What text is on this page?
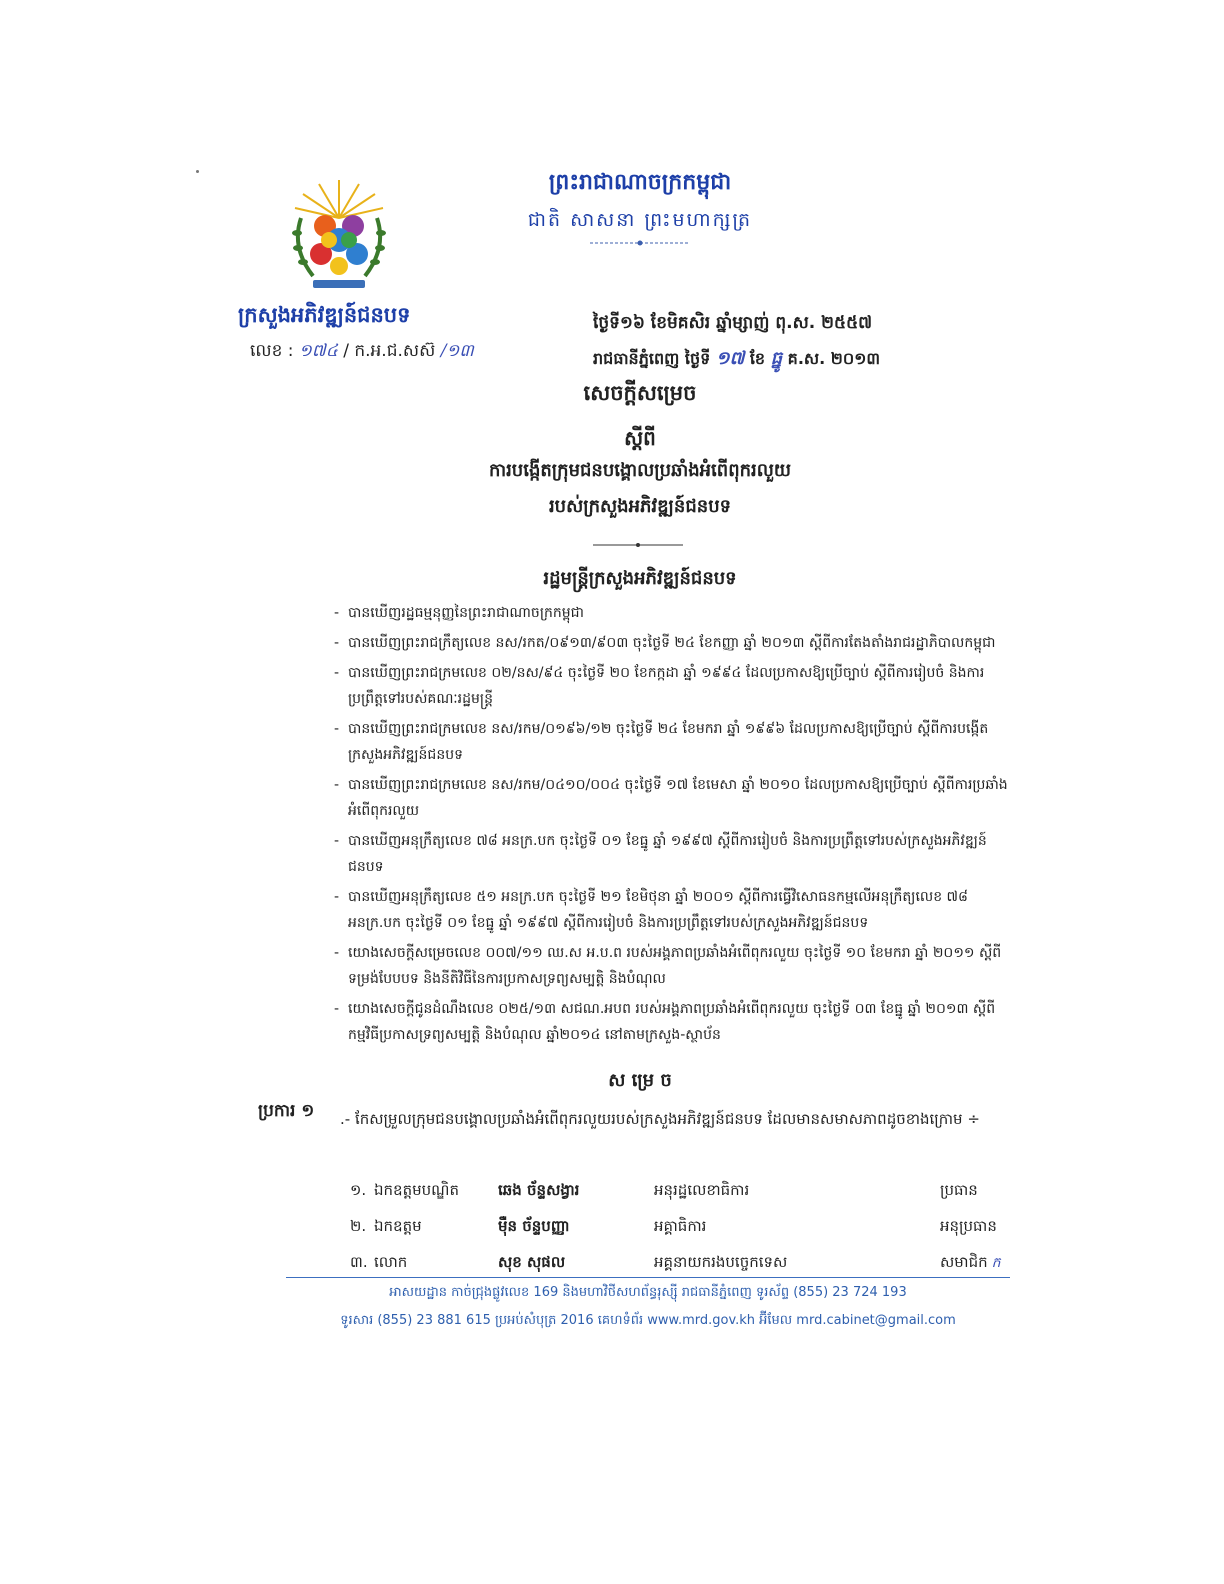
ព្រះរាជាណាចក្រកម្ពុជា
ជាតិ សាសនា ព្រះមហាក្សត្រ
ក្រសួងអភិវឌ្ឍន៍ជនបទ
លេខ : ១៧៤ / ក.អ.ជ.សស៊ /១៣
ថ្ងៃទី១៦ ខែមិគសិរ ឆ្នាំម្សាញ់ ពុ.ស. ២៥៥៧
រាជធានីភ្នំពេញ ថ្ងៃទី ១៧ ខែ ធ្នូ គ.ស. ២០១៣
សេចក្តីសម្រេច
ស្តីពី
ការបង្កើតក្រុមជនបង្គោលប្រឆាំងអំពើពុករលួយ
របស់ក្រសួងអភិវឌ្ឍន៍ជនបទ
រដ្ឋមន្ត្រីក្រសួងអភិវឌ្ឍន៍ជនបទ
- បានឃើញរដ្ឋធម្មនុញ្ញនៃព្រះរាជាណាចក្រកម្ពុជា
- បានឃើញព្រះរាជក្រឹត្យលេខ នស/រកត/០៩១៣/៩០៣ ចុះថ្ងៃទី ២៤ ខែកញ្ញា ឆ្នាំ ២០១៣ ស្តីពីការតែងតាំងរាជរដ្ឋាភិបាលកម្ពុជា
- បានឃើញព្រះរាជក្រមលេខ ០២/នស/៩៤ ចុះថ្ងៃទី ២០ ខែកក្កដា ឆ្នាំ ១៩៩៤ ដែលប្រកាសឱ្យប្រើច្បាប់ ស្តីពីការរៀបចំ និងការប្រព្រឹត្តទៅរបស់គណៈរដ្ឋមន្ត្រី
- បានឃើញព្រះរាជក្រមលេខ នស/រកម/០១៩៦/១២ ចុះថ្ងៃទី ២៤ ខែមករា ឆ្នាំ ១៩៩៦ ដែលប្រកាសឱ្យប្រើច្បាប់ ស្តីពីការបង្កើតក្រសួងអភិវឌ្ឍន៍ជនបទ
- បានឃើញព្រះរាជក្រមលេខ នស/រកម/០៤១០/០០៤ ចុះថ្ងៃទី ១៧ ខែមេសា ឆ្នាំ ២០១០ ដែលប្រកាសឱ្យប្រើច្បាប់ ស្តីពីការប្រឆាំងអំពើពុករលួយ
- បានឃើញអនុក្រឹត្យលេខ ៧៨ អនក្រ.បក ចុះថ្ងៃទី ០១ ខែធ្នូ ឆ្នាំ ១៩៩៧ ស្តីពីការរៀបចំ និងការប្រព្រឹត្តទៅរបស់ក្រសួងអភិវឌ្ឍន៍ជនបទ
- បានឃើញអនុក្រឹត្យលេខ ៥១ អនក្រ.បក ចុះថ្ងៃទី ២១ ខែមិថុនា ឆ្នាំ ២០០១ ស្តីពីការធ្វើវិសោធនកម្មលើអនុក្រឹត្យលេខ ៧៨ អនក្រ.បក ចុះថ្ងៃទី ០១ ខែធ្នូ ឆ្នាំ ១៩៩៧ ស្តីពីការរៀបចំ និងការប្រព្រឹត្តទៅរបស់ក្រសួងអភិវឌ្ឍន៍ជនបទ
- យោងសេចក្តីសម្រេចលេខ ០០៧/១១ ឈ.ស អ.ប.ព របស់អង្គភាពប្រឆាំងអំពើពុករលួយ ចុះថ្ងៃទី ១០ ខែមករា ឆ្នាំ ២០១១ ស្តីពីទម្រង់បែបបទ និងនីតិវិធីនៃការប្រកាសទ្រព្យសម្បត្តិ និងបំណុល
- យោងសេចក្តីជូនដំណឹងលេខ ០២៥/១៣ សជណ.អបព របស់អង្គភាពប្រឆាំងអំពើពុករលួយ ចុះថ្ងៃទី ០៣ ខែធ្នូ ឆ្នាំ ២០១៣ ស្តីពីកម្មវិធីប្រកាសទ្រព្យសម្បត្តិ និងបំណុល ឆ្នាំ២០១៤ នៅតាមក្រសួង-ស្ថាប័ន
ស ម្រេ ច
ប្រការ ១ .- កែសម្រួលក្រុមជនបង្គោលប្រឆាំងអំពើពុករលួយរបស់ក្រសួងអភិវឌ្ឍន៍ជនបទ ដែលមានសមាសភាពដូចខាងក្រោម ÷
១.	ឯកឧត្តមបណ្ឌិត	ឆេង ច័ន្ទសង្វារ	អនុរដ្ឋលេខាធិការ	ប្រធាន
២.	ឯកឧត្តម	ម៉ឺន ច័ន្ទបញ្ញា	អគ្គាធិការ	អនុប្រធាន
៣.	លោក	សុខ សុផល	អគ្គនាយករងបច្ចេកទេស	សមាជិក ក
អាសយដ្ឋាន កាច់ជ្រុងផ្លូវលេខ 169 និងមហាវិថីសហព័ន្ធរុស្ស៊ី រាជធានីភ្នំពេញ ទូរស័ព្ទ (855) 23 724 193
ទូរសារ (855) 23 881 615 ប្រអប់សំបុត្រ 2016 គេហទំព័រ www.mrd.gov.kh អ៊ីមែល mrd.cabinet@gmail.com
